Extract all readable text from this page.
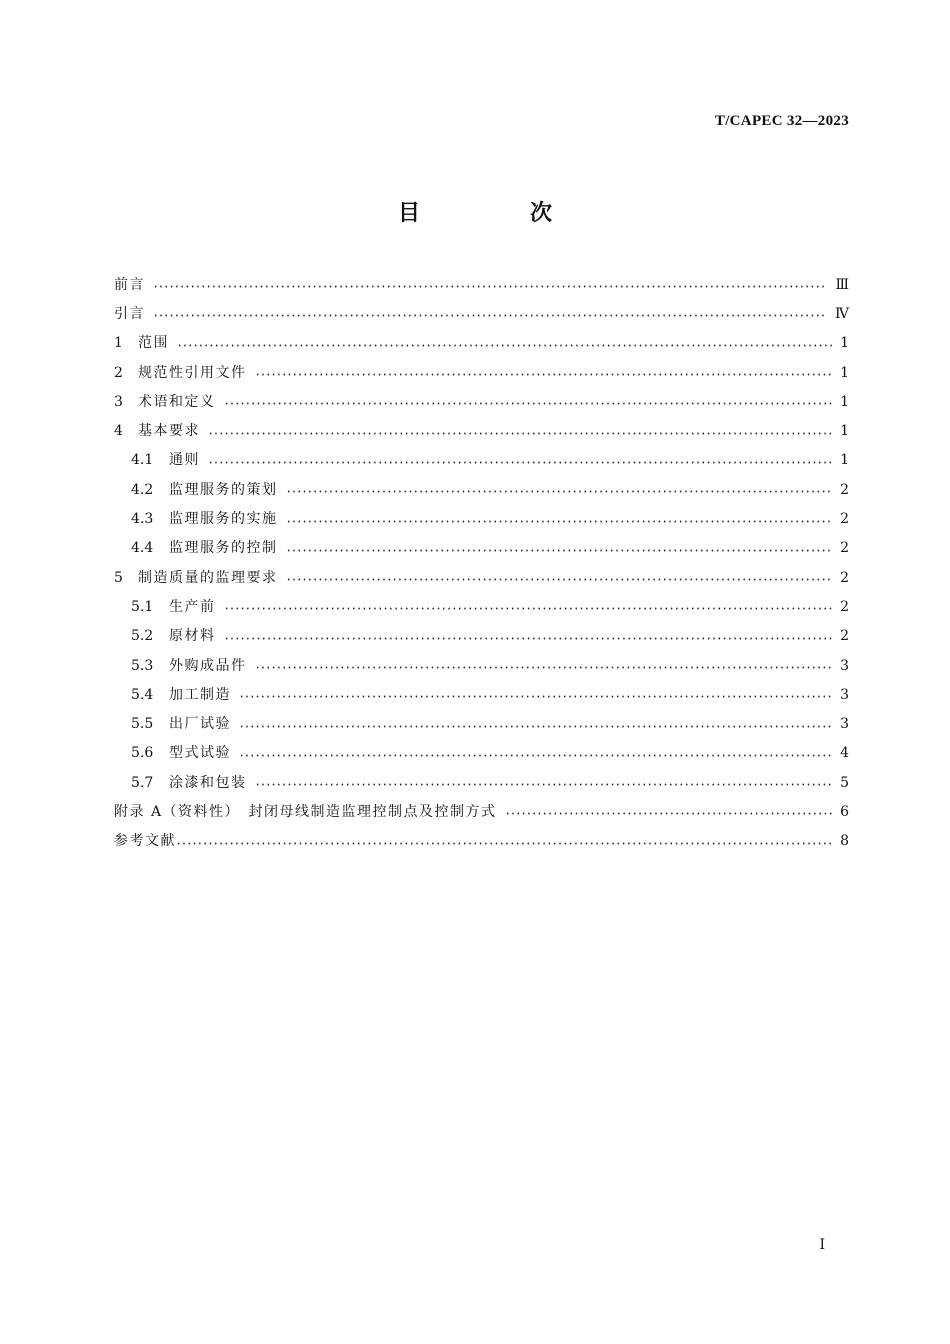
T/CAPEC 32—2023
目　次
前言	Ⅲ
引言	Ⅳ
1	范围	1
2	规范性引用文件	1
3	术语和定义	1
4	基本要求	1
4.1	通则	1
4.2	监理服务的策划	2
4.3	监理服务的实施	2
4.4	监理服务的控制	2
5	制造质量的监理要求	2
5.1	生产前	2
5.2	原材料	2
5.3	外购成品件	3
5.4	加工制造	3
5.5	出厂试验	3
5.6	型式试验	4
5.7	涂漆和包装	5
附录 A（资料性）　封闭母线制造监理控制点及控制方式	6
参考文献	8
I
